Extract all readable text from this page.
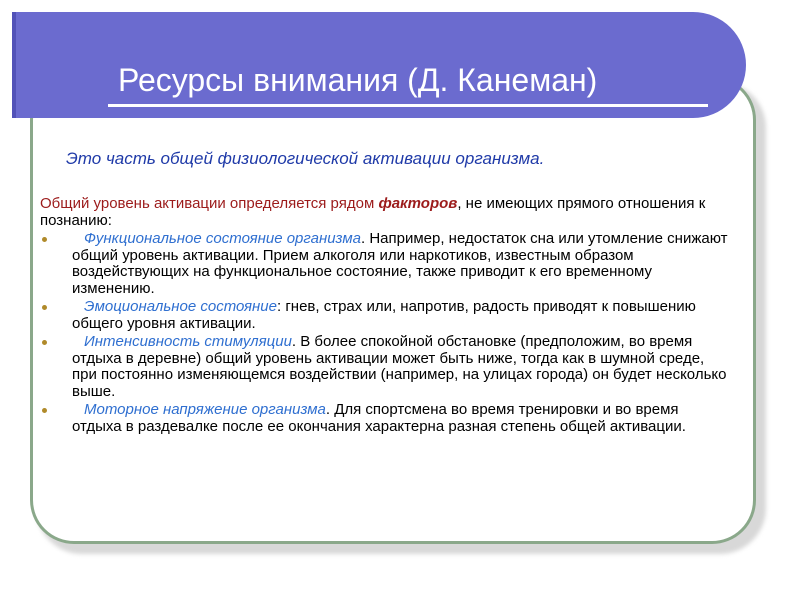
Ресурсы внимания (Д. Канеман)

Это часть общей физиологической активации организма.

Общий уровень активации определяется рядом факторов, не имеющих прямого отношения к познанию:

Функциональное состояние организма. Например, недостаток сна или утомление снижают общий уровень активации. Прием алкоголя или наркотиков, известным образом воздействующих на функциональное состояние, также приводит к его временному изменению.
Эмоциональное состояние: гнев, страх или, напротив, радость приводят к повышению общего уровня активации.
Интенсивность стимуляции. В более спокойной обстановке (предположим, во время отдыха в деревне) общий уровень активации может быть ниже, тогда как в шумной среде, при постоянно изменяющемся воздействии (например, на улицах города) он будет несколько выше.
Моторное напряжение организма. Для спортсмена во время тренировки и во время отдыха в раздевалке после ее окончания характерна разная степень общей активации.
